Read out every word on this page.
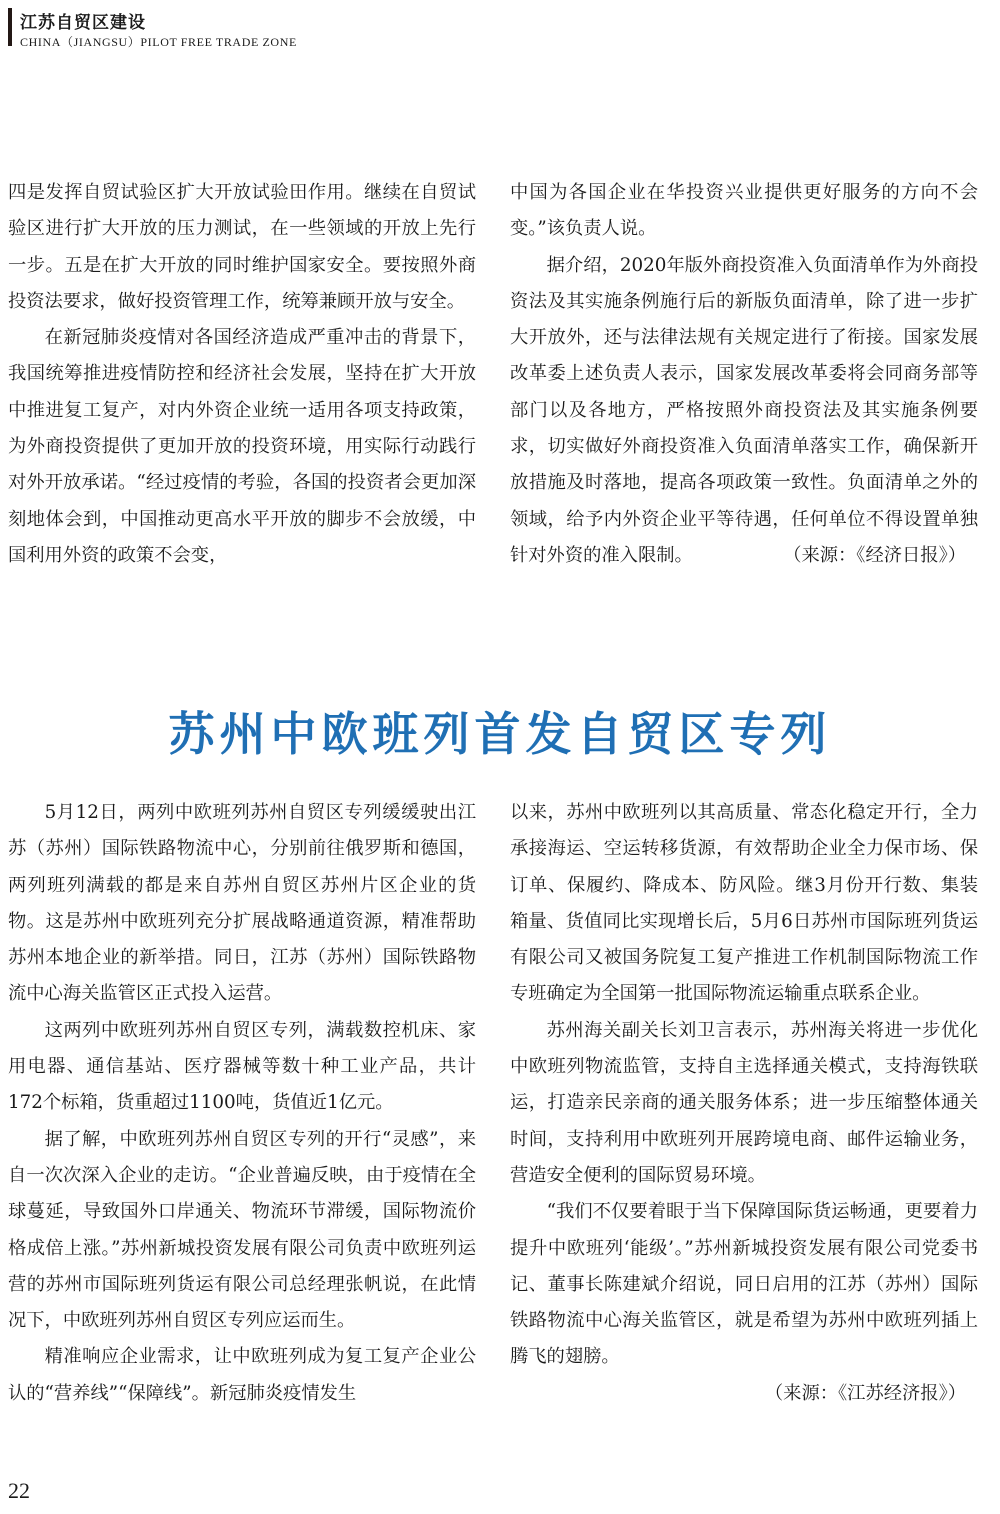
江苏自贸区建设
CHINA（JIANGSU）PILOT FREE TRADE ZONE

四是发挥自贸试验区扩大开放试验田作用。继续在自贸试验区进行扩大开放的压力测试，在一些领域的开放上先行一步。五是在扩大开放的同时维护国家安全。要按照外商投资法要求，做好投资管理工作，统筹兼顾开放与安全。

在新冠肺炎疫情对各国经济造成严重冲击的背景下，我国统筹推进疫情防控和经济社会发展，坚持在扩大开放中推进复工复产，对内外资企业统一适用各项支持政策，为外商投资提供了更加开放的投资环境，用实际行动践行对外开放承诺。“经过疫情的考验，各国的投资者会更加深刻地体会到，中国推动更高水平开放的脚步不会放缓，中国利用外资的政策不会变，

中国为各国企业在华投资兴业提供更好服务的方向不会变。”该负责人说。

据介绍，2020年版外商投资准入负面清单作为外商投资法及其实施条例施行后的新版负面清单，除了进一步扩大开放外，还与法律法规有关规定进行了衔接。国家发展改革委上述负责人表示，国家发展改革委将会同商务部等部门以及各地方，严格按照外商投资法及其实施条例要求，切实做好外商投资准入负面清单落实工作，确保新开放措施及时落地，提高各项政策一致性。负面清单之外的领域，给予内外资企业平等待遇，任何单位不得设置单独针对外资的准入限制。	（来源：《经济日报》）

苏州中欧班列首发自贸区专列

5月12日，两列中欧班列苏州自贸区专列缓缓驶出江苏（苏州）国际铁路物流中心，分别前往俄罗斯和德国，两列班列满载的都是来自苏州自贸区苏州片区企业的货物。这是苏州中欧班列充分扩展战略通道资源，精准帮助苏州本地企业的新举措。同日，江苏（苏州）国际铁路物流中心海关监管区正式投入运营。

这两列中欧班列苏州自贸区专列，满载数控机床、家用电器、通信基站、医疗器械等数十种工业产品，共计172个标箱，货重超过1100吨，货值近1亿元。

据了解，中欧班列苏州自贸区专列的开行“灵感”，来自一次次深入企业的走访。“企业普遍反映，由于疫情在全球蔓延，导致国外口岸通关、物流环节滞缓，国际物流价格成倍上涨。”苏州新城投资发展有限公司负责中欧班列运营的苏州市国际班列货运有限公司总经理张帆说，在此情况下，中欧班列苏州自贸区专列应运而生。

精准响应企业需求，让中欧班列成为复工复产企业公认的“营养线”“保障线”。新冠肺炎疫情发生

以来，苏州中欧班列以其高质量、常态化稳定开行，全力承接海运、空运转移货源，有效帮助企业全力保市场、保订单、保履约、降成本、防风险。继3月份开行数、集装箱量、货值同比实现增长后，5月6日苏州市国际班列货运有限公司又被国务院复工复产推进工作机制国际物流工作专班确定为全国第一批国际物流运输重点联系企业。

苏州海关副关长刘卫言表示，苏州海关将进一步优化中欧班列物流监管，支持自主选择通关模式，支持海铁联运，打造亲民亲商的通关服务体系；进一步压缩整体通关时间，支持利用中欧班列开展跨境电商、邮件运输业务，营造安全便利的国际贸易环境。

“我们不仅要着眼于当下保障国际货运畅通，更要着力提升中欧班列‘能级’。”苏州新城投资发展有限公司党委书记、董事长陈建斌介绍说，同日启用的江苏（苏州）国际铁路物流中心海关监管区，就是希望为苏州中欧班列插上腾飞的翅膀。

（来源：《江苏经济报》）

22
